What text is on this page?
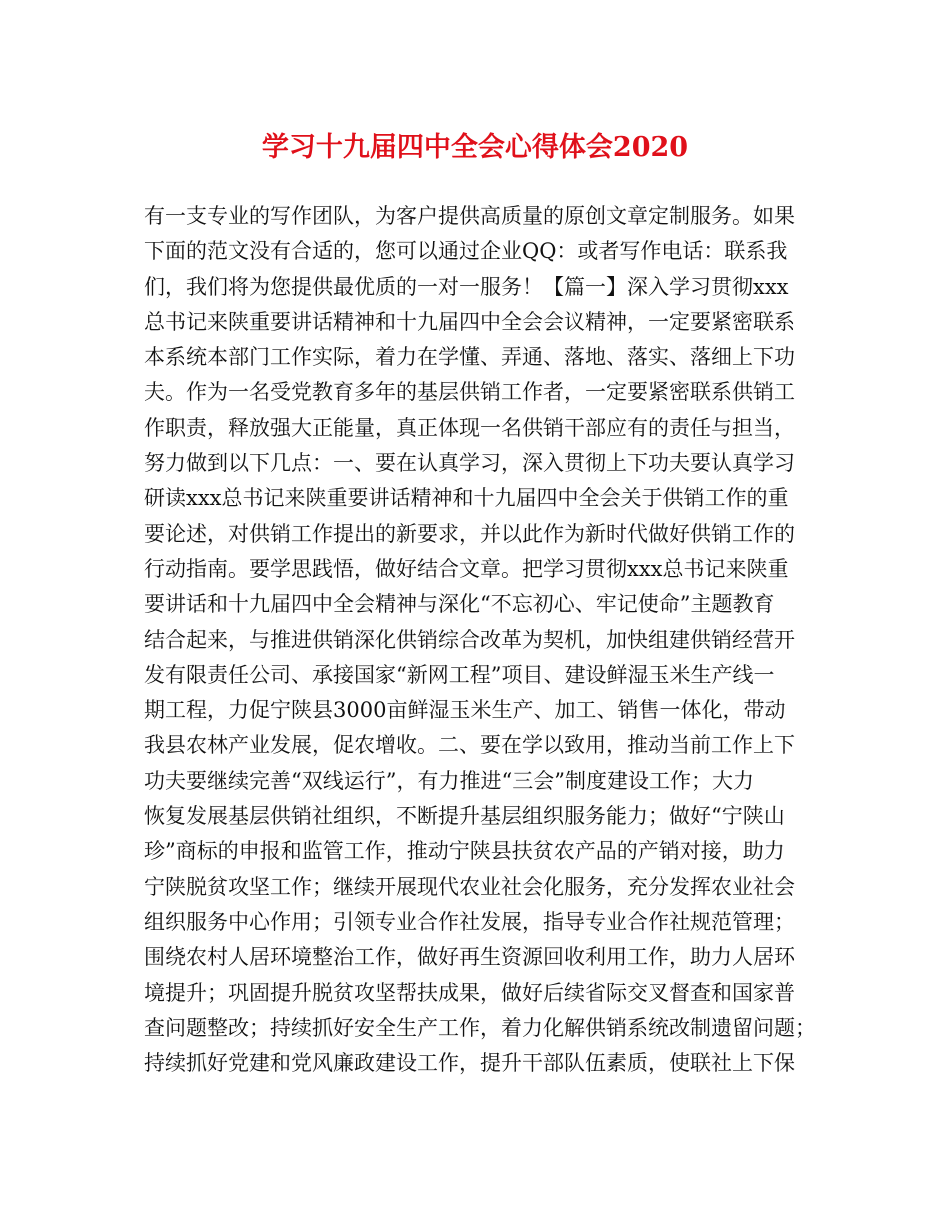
学习十九届四中全会心得体会2020
有一支专业的写作团队，为客户提供高质量的原创文章定制服务。如果
下面的范文没有合适的，您可以通过企业QQ：或者写作电话：联系我
们，我们将为您提供最优质的一对一服务！【篇一】深入学习贯彻xxx
总书记来陕重要讲话精神和十九届四中全会会议精神，一定要紧密联系
本系统本部门工作实际，着力在学懂、弄通、落地、落实、落细上下功
夫。作为一名受党教育多年的基层供销工作者，一定要紧密联系供销工
作职责，释放强大正能量，真正体现一名供销干部应有的责任与担当，
努力做到以下几点：一、要在认真学习，深入贯彻上下功夫要认真学习
研读xxx总书记来陕重要讲话精神和十九届四中全会关于供销工作的重
要论述，对供销工作提出的新要求，并以此作为新时代做好供销工作的
行动指南。要学思践悟，做好结合文章。把学习贯彻xxx总书记来陕重
要讲话和十九届四中全会精神与深化“不忘初心、牢记使命”主题教育
结合起来，与推进供销深化供销综合改革为契机，加快组建供销经营开
发有限责任公司、承接国家“新网工程”项目、建设鲜湿玉米生产线一
期工程，力促宁陕县3000亩鲜湿玉米生产、加工、销售一体化，带动
我县农林产业发展，促农增收。二、要在学以致用，推动当前工作上下
功夫要继续完善“双线运行”，有力推进“三会”制度建设工作；大力
恢复发展基层供销社组织，不断提升基层组织服务能力；做好“宁陕山
珍”商标的申报和监管工作，推动宁陕县扶贫农产品的产销对接，助力
宁陕脱贫攻坚工作；继续开展现代农业社会化服务，充分发挥农业社会
组织服务中心作用；引领专业合作社发展，指导专业合作社规范管理；
围绕农村人居环境整治工作，做好再生资源回收利用工作，助力人居环
境提升；巩固提升脱贫攻坚帮扶成果，做好后续省际交叉督查和国家普
查问题整改；持续抓好安全生产工作，着力化解供销系统改制遗留问题；
持续抓好党建和党风廉政建设工作，提升干部队伍素质，使联社上下保
